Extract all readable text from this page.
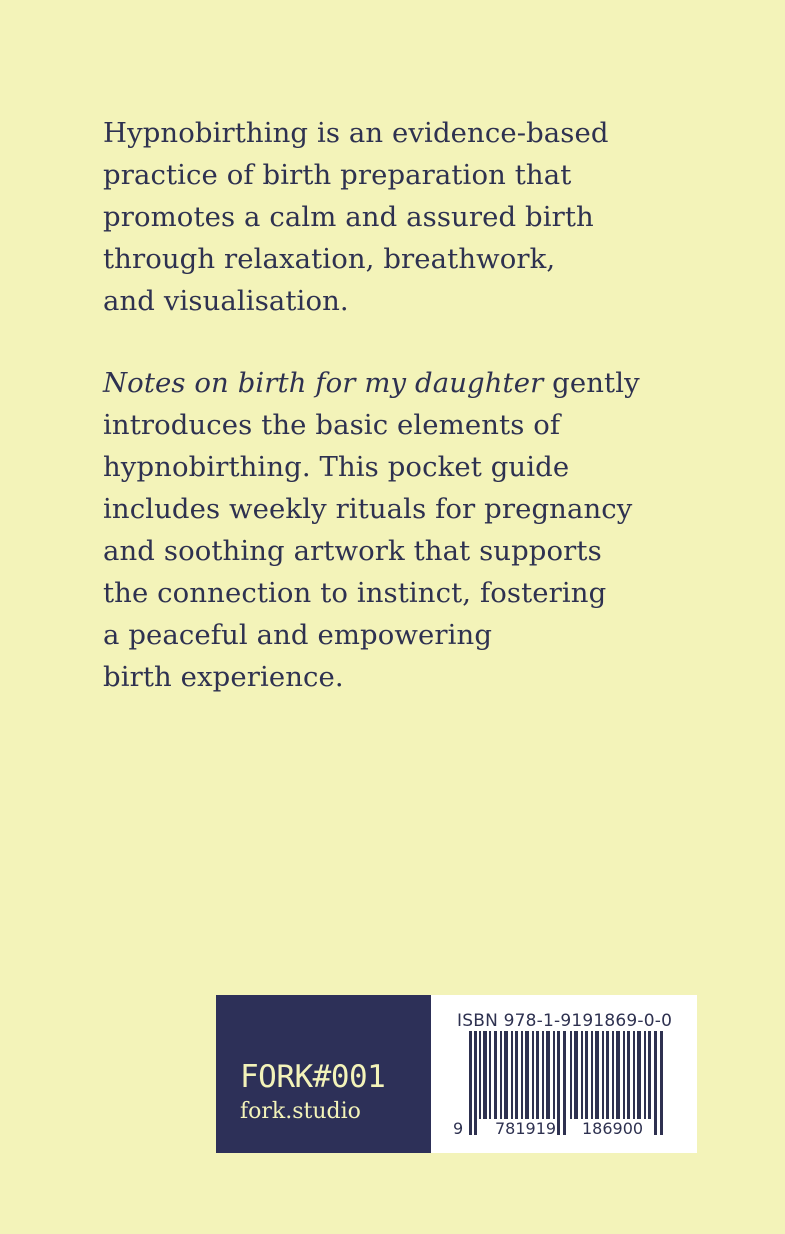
Hypnobirthing is an evidence-based
practice of birth preparation that
promotes a calm and assured birth
through relaxation, breathwork,
and visualisation.
Notes on birth for my daughter gently
introduces the basic elements of
hypnobirthing. This pocket guide
includes weekly rituals for pregnancy
and soothing artwork that supports
the connection to instinct, fostering
a peaceful and empowering
birth experience.
FORK#001
fork.studio
ISBN 978-1-9191869-0-0
9 781919 186900
